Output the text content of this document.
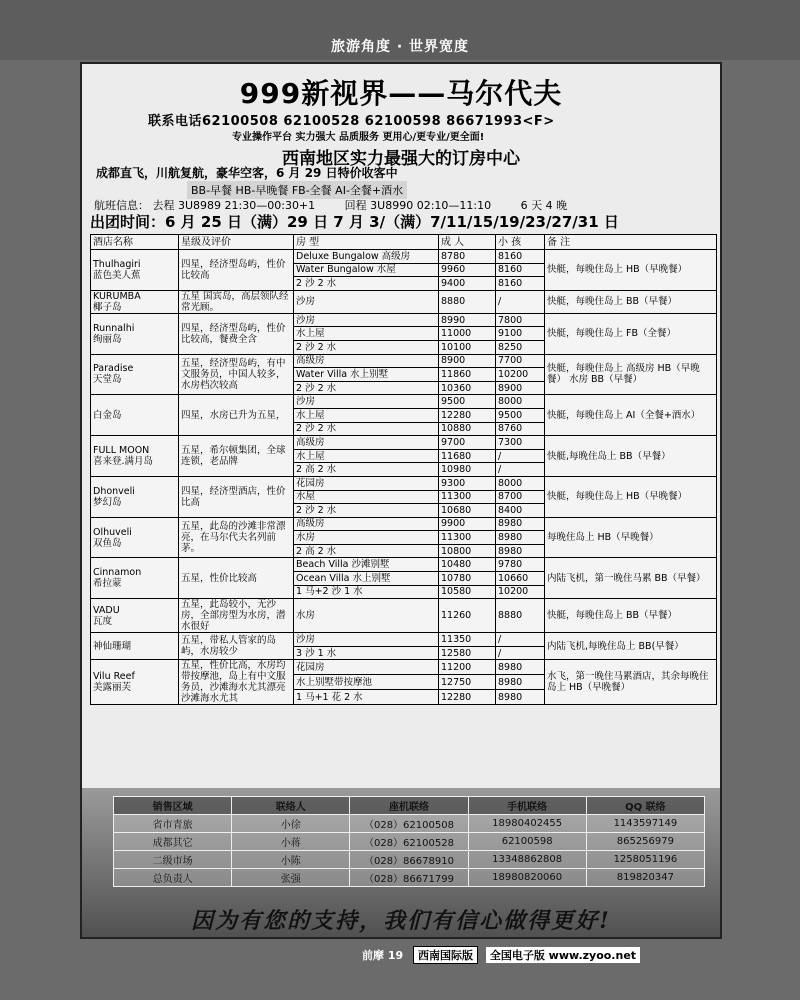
旅游角度 · 世界宽度
999新视界——马尔代夫
联系电话62100508 62100528 62100598 86671993<F>
专业操作平台 实力强大 品质服务 更用心/更专业/更全面!
西南地区实力最强大的订房中心
成都直飞，川航复航，豪华空客，6 月 29 日特价收客中
BB-早餐 HB-早晚餐 FB-全餐 AI-全餐+酒水
航班信息： 去程 3U8989 21:30—00:30+1	回程 3U8990 02:10—11:10	6 天 4 晚
出团时间：6 月 25 日（满）29 日 7 月 3/（满）7/11/15/19/23/27/31 日
酒店名称	星级及评价	房 型	成 人	小 孩	备 注
Thulhagiri
蓝色美人蕉	四星，经济型岛屿，性价比较高	Deluxe Bungalow 高级房	8780	8160	快艇，每晚住岛上 HB（早晚餐）
		Water Bungalow 水屋	9960	8160	
		2 沙 2 水	9400	8160	
KURUMBA
椰子岛	五星 国宾岛，高层领队经常光顾。	沙房	8880	/	快艇，每晚住岛上 BB（早餐）
Runnalhi
绚丽岛	四星，经济型岛屿，性价比较高，餐费全含	沙房	8990	7800	快艇，每晚住岛上 FB（全餐）
		水上屋	11000	9100	
		2 沙 2 水	10100	8250	
Paradise
天堂岛	五星，经济型岛屿，有中文服务员，中国人较多，水房档次较高	高级房	8900	7700	快艇，每晚住岛上 高级房 HB（早晚餐） 水房 BB（早餐）
		Water Villa 水上别墅	11860	10200	
		2 沙 2 水	10360	8900	
白金岛	四星，水房已升为五星，	沙房	9500	8000	快艇，每晚住岛上 AI（全餐+酒水）
		水上屋	12280	9500	
		2 沙 2 水	10880	8760	
FULL MOON
喜来登.满月岛	五星，希尔顿集团，全球连锁，老品牌	高级房	9700	7300	快艇,每晚住岛上 BB（早餐）
		水上屋	11680	/	
		2 高 2 水	10980	/	
Dhonveli
梦幻岛	四星，经济型酒店，性价比高	花园房	9300	8000	快艇，每晚住岛上 HB（早晚餐）
		水屋	11300	8700	
		2 沙 2 水	10680	8400	
Olhuveli
双鱼岛	五星，此岛的沙滩非常漂亮，在马尔代夫名列前茅。	高级房	9900	8980	每晚住岛上 HB（早晚餐）
		水房	11300	8980	
		2 高 2 水	10800	8980	
Cinnamon
希拉蒙	五星，性价比较高	Beach Villa 沙滩别墅	10480	9780	内陆飞机，第一晚住马累 BB（早餐）
		Ocean Villa 水上别墅	10780	10660	
		1 马+2 沙 1 水	10580	10200	
VADU
瓦度	五星，此岛较小，无沙房，全部房型为水房，潜水很好	水房	11260	8880	快艇，每晚住岛上 BB（早餐）
神仙珊瑚	五星，带私人管家的岛屿，水房较少	沙房	11350	/	内陆飞机,每晚住岛上 BB(早餐）
		3 沙 1 水	12580	/	
Vilu Reef
美露丽芙	五星，性价比高，水房均带按摩池，岛上有中文服务员，沙滩海水尤其漂亮 沙滩海水尤其	花园房	11200	8980	水飞，第一晚住马累酒店，其余每晚住岛上 HB（早晚餐）
		水上别墅带按摩池	12750	8980	
		1 马+1 花 2 水	12280	8980	
销售区域	联络人	座机联络	手机联络	QQ 联络
省市青旅	小徐	（028）62100508	18980402455	1143597149
成都其它	小蒋	（028）62100528	62100598	865256979
二级市场	小陈	（028）86678910	13348862808	1258051196
总负责人	张强	（028）86671799	18980820060	819820347
因为有您的支持，我们有信心做得更好!
前摩 19 西南国际版 全国电子版 www.zyoo.net
